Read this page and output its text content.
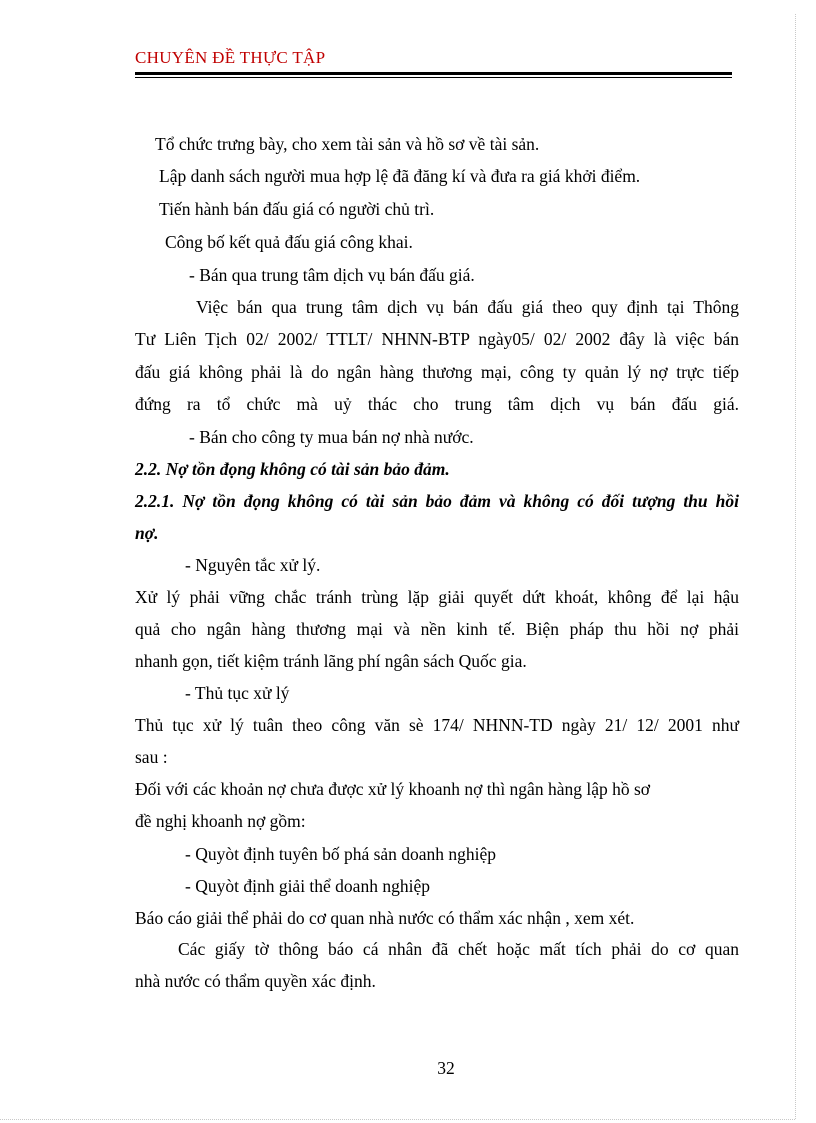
CHUYÊN ĐỀ THỰC TẬP
Tổ chức trưng bày, cho xem tài sản và hồ sơ về tài sản.
Lập danh sách người mua hợp lệ đã đăng kí và đưa ra giá khởi điểm.
Tiến hành bán đấu giá có người chủ trì.
Công bố kết quả đấu giá công khai.
- Bán qua trung tâm dịch vụ bán đấu giá.
Việc bán qua trung tâm dịch vụ bán đấu giá theo quy định tại Thông
Tư Liên Tịch 02/ 2002/ TTLT/ NHNN-BTP ngày05/ 02/ 2002 đây là việc bán
đấu giá không phải là do ngân hàng thương mại, công ty quản lý nợ trực tiếp
đứng ra tổ chức mà uỷ thác cho trung tâm dịch vụ bán đấu giá.
- Bán cho công ty mua bán nợ nhà nước.
2.2. Nợ tồn đọng không có tài sản bảo đảm.
2.2.1. Nợ tồn đọng không có tài sản bảo đảm và không có đối tượng thu hồi
nợ.
- Nguyên tắc xử lý.
Xử lý phải vững chắc tránh trùng lặp giải quyết dứt khoát, không để lại hậu
quả cho ngân hàng thương mại và nền kinh tế. Biện pháp thu hồi nợ phải
nhanh gọn, tiết kiệm tránh lãng phí ngân sách Quốc gia.
- Thủ tục xử lý
Thủ tục xử lý tuân theo công văn sè 174/ NHNN-TD ngày 21/ 12/ 2001 như
sau :
Đối với các khoản nợ chưa được xử lý khoanh nợ thì ngân hàng lập hồ sơ
đề nghị khoanh nợ gồm:
- Quyòt định tuyên bố phá sản doanh nghiệp
- Quyòt định giải thể doanh nghiệp
Báo cáo giải thể phải do cơ quan nhà nước có thẩm xác nhận , xem xét.
Các giấy tờ thông báo cá nhân đã chết hoặc mất tích phải do cơ quan
nhà nước có thẩm quyền xác định.
32
